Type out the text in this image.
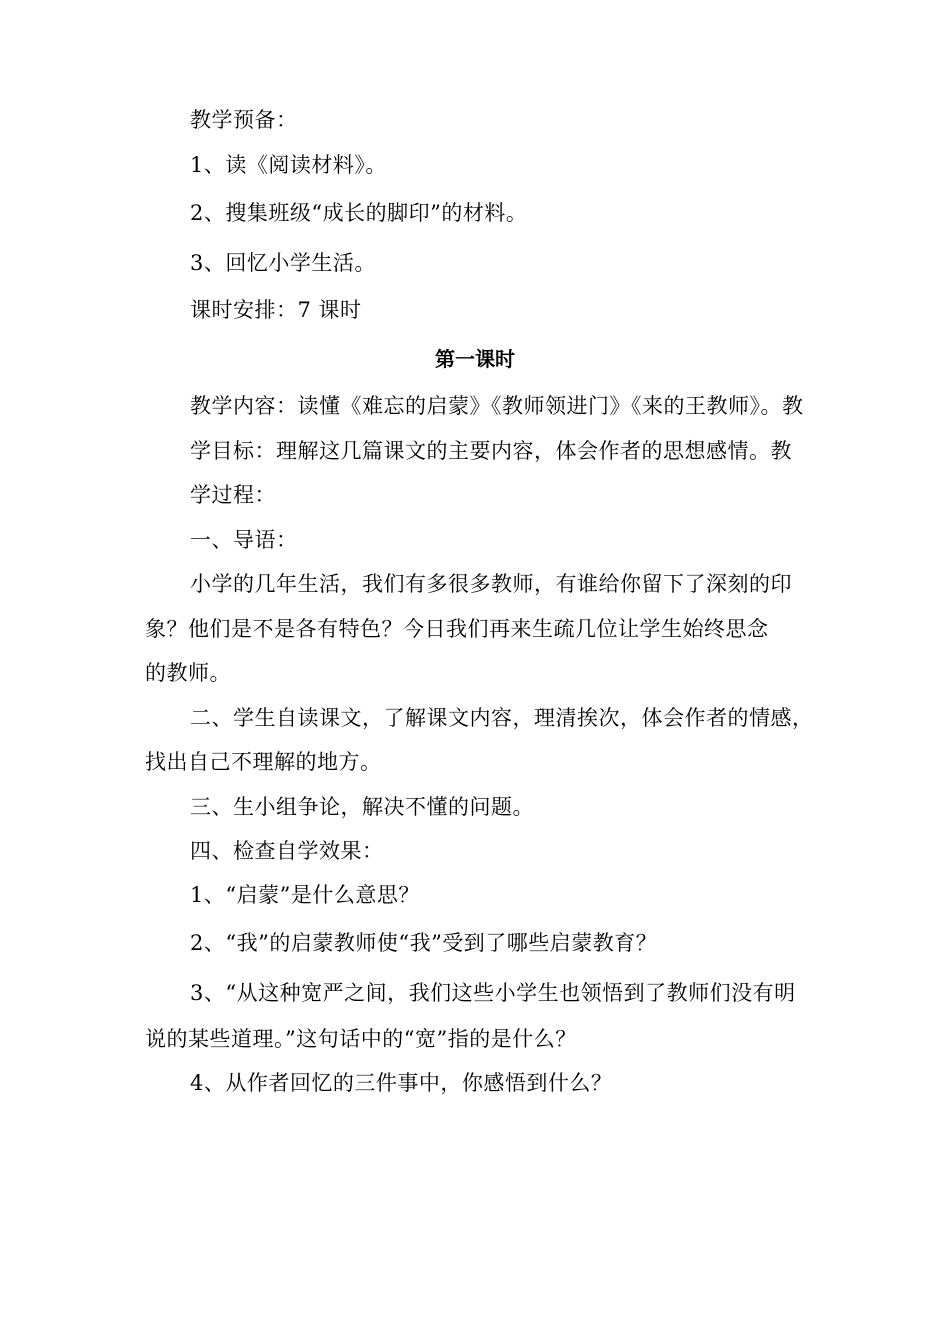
教学预备：
1、读《阅读材料》。
2、搜集班级“成长的脚印”的材料。
3、回忆小学生活。
课时安排：7 课时
第一课时
教学内容：读懂《难忘的启蒙》《教师领进门》《来的王教师》。教
学目标：理解这几篇课文的主要内容，体会作者的思想感情。教
学过程：
一、导语：
小学的几年生活，我们有多很多教师，有谁给你留下了深刻的印
象？他们是不是各有特色？今日我们再来生疏几位让学生始终思念
的教师。
二、学生自读课文，了解课文内容，理清挨次，体会作者的情感，
找出自己不理解的地方。
三、生小组争论，解决不懂的问题。
四、检查自学效果：
1、“启蒙”是什么意思？
2、“我”的启蒙教师使“我”受到了哪些启蒙教育？
3、“从这种宽严之间，我们这些小学生也领悟到了教师们没有明
说的某些道理。”这句话中的“宽”指的是什么？
4、从作者回忆的三件事中，你感悟到什么？
